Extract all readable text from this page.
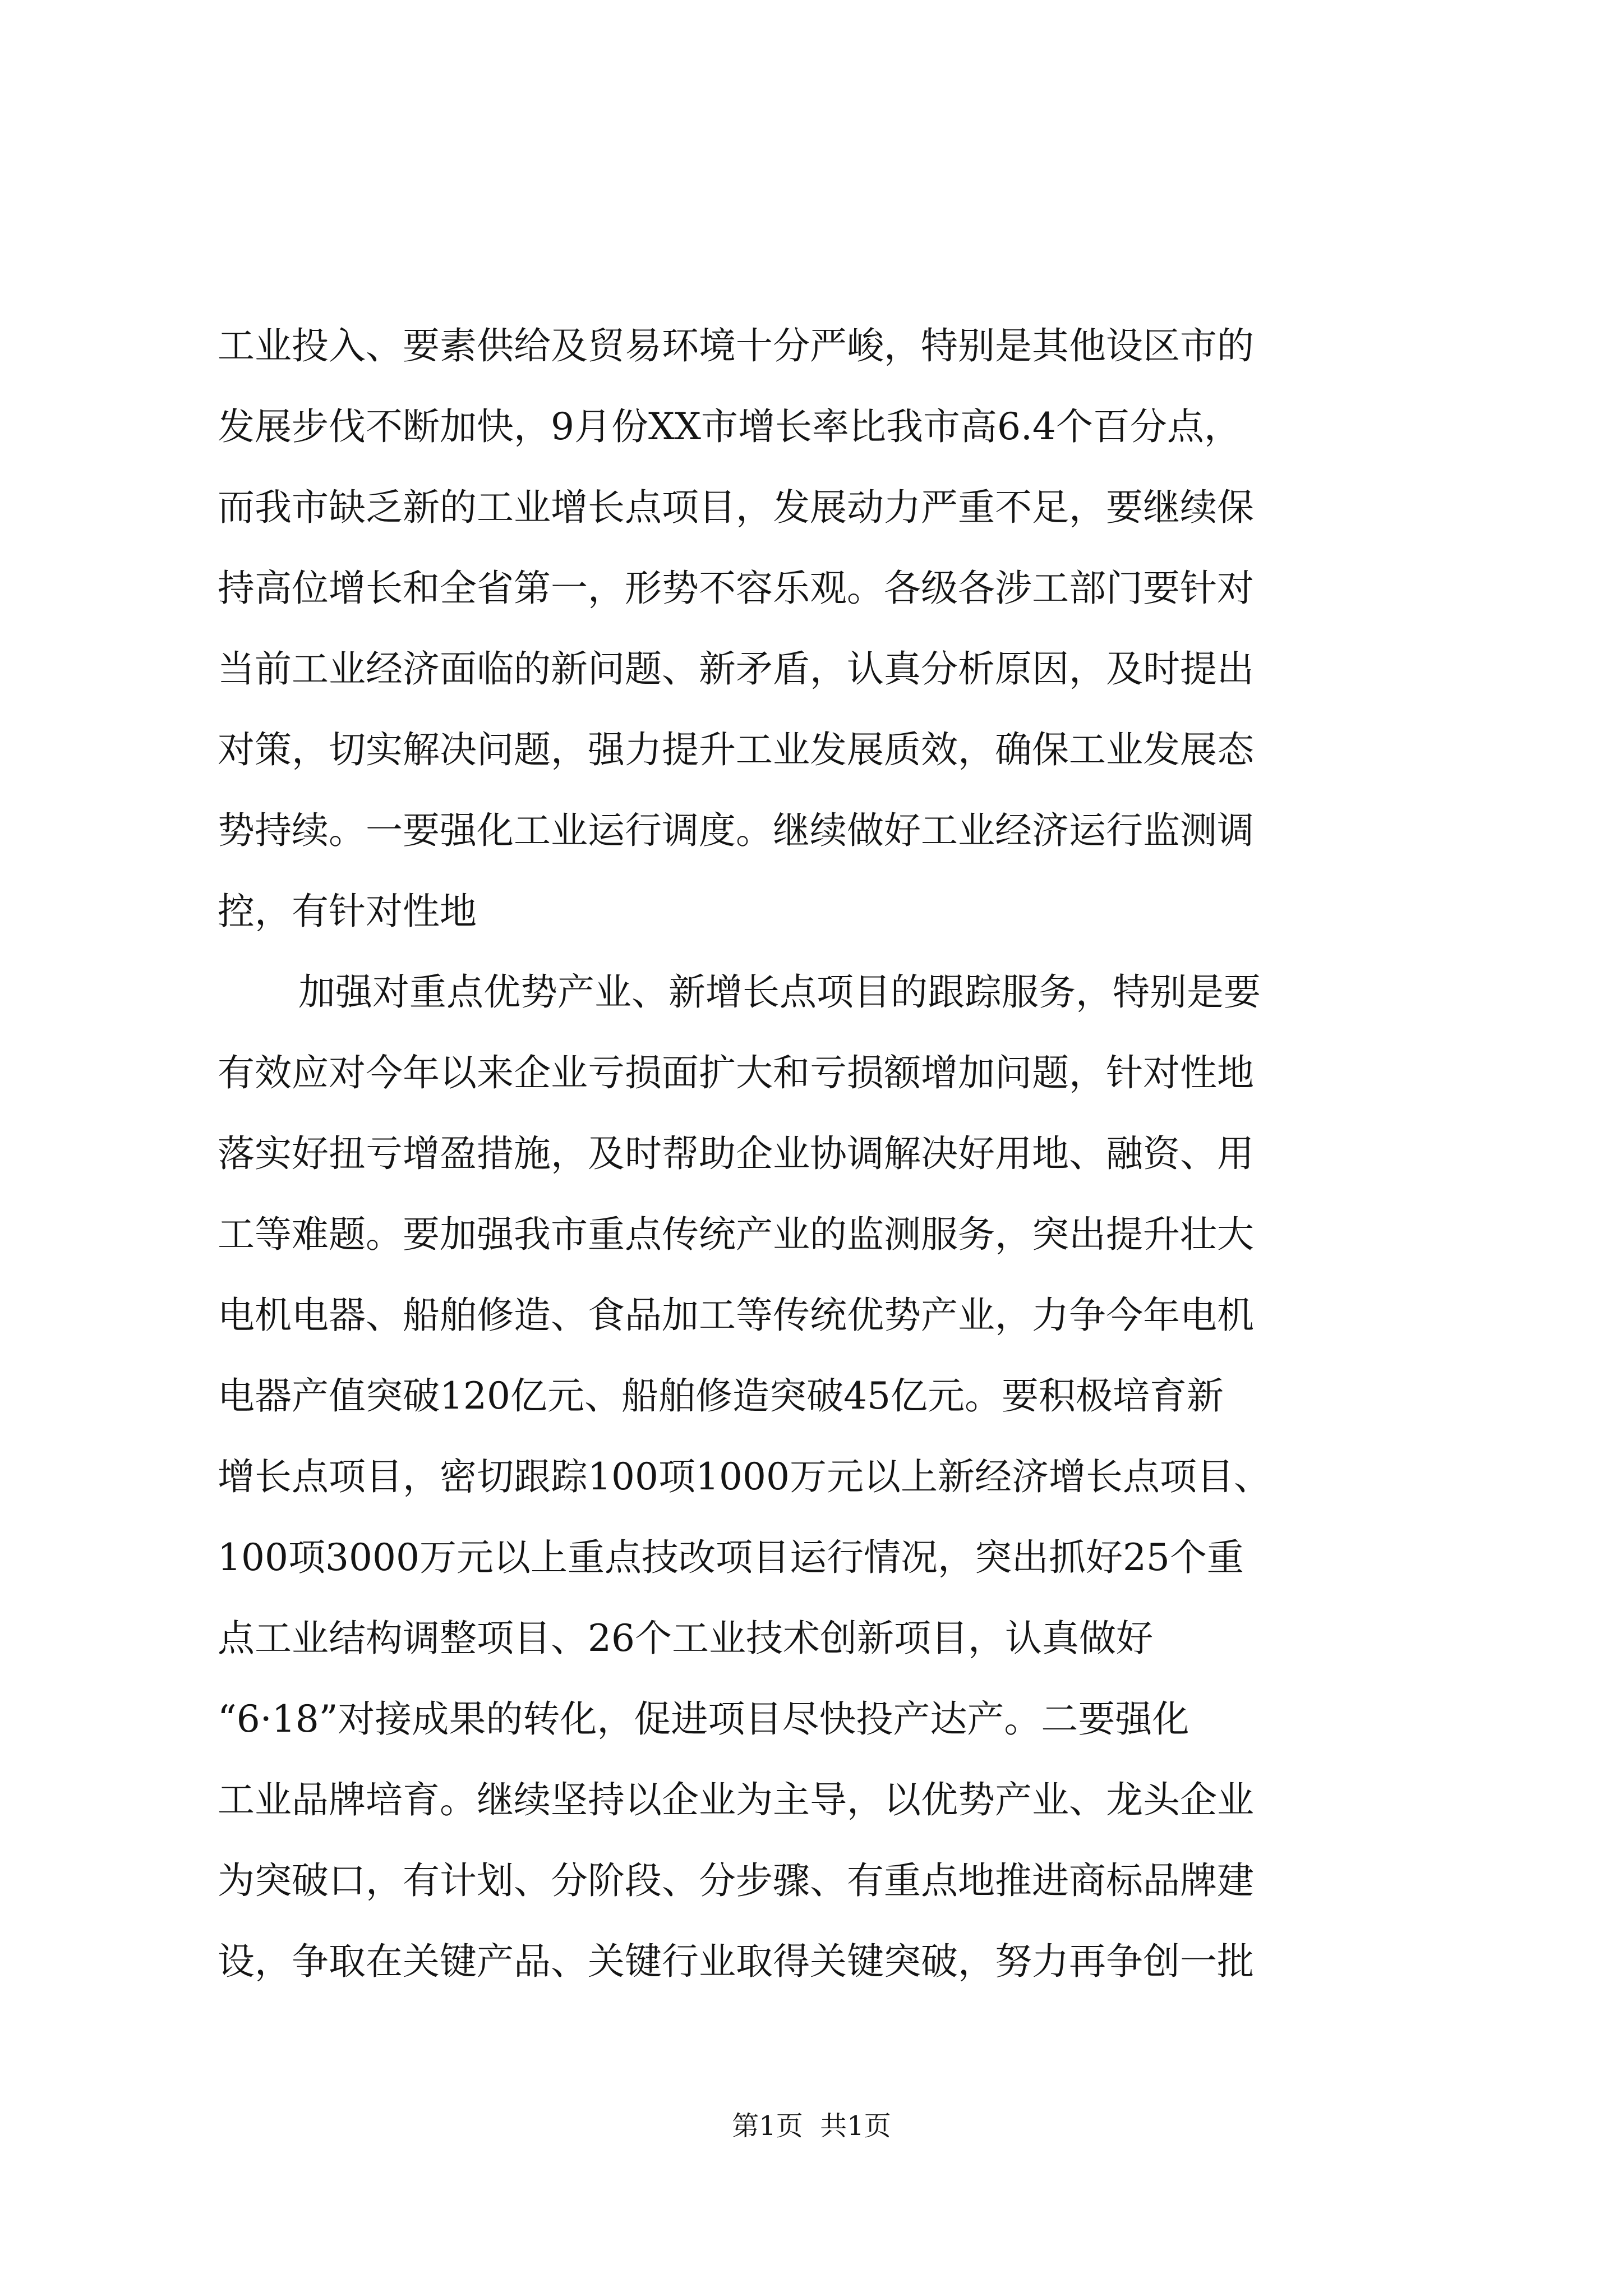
工业投入、要素供给及贸易环境十分严峻，特别是其他设区市的
发展步伐不断加快，9月份XX市增长率比我市高6.4个百分点，
而我市缺乏新的工业增长点项目，发展动力严重不足，要继续保
持高位增长和全省第一，形势不容乐观。各级各涉工部门要针对
当前工业经济面临的新问题、新矛盾，认真分析原因，及时提出
对策，切实解决问题，强力提升工业发展质效，确保工业发展态
势持续。一要强化工业运行调度。继续做好工业经济运行监测调
控，有针对性地
加强对重点优势产业、新增长点项目的跟踪服务，特别是要
有效应对今年以来企业亏损面扩大和亏损额增加问题，针对性地
落实好扭亏增盈措施，及时帮助企业协调解决好用地、融资、用
工等难题。要加强我市重点传统产业的监测服务，突出提升壮大
电机电器、船舶修造、食品加工等传统优势产业，力争今年电机
电器产值突破120亿元、船舶修造突破45亿元。要积极培育新
增长点项目，密切跟踪100项1000万元以上新经济增长点项目、
100项3000万元以上重点技改项目运行情况，突出抓好25个重
点工业结构调整项目、26个工业技术创新项目，认真做好
“6·18”对接成果的转化，促进项目尽快投产达产。二要强化
工业品牌培育。继续坚持以企业为主导，以优势产业、龙头企业
为突破口，有计划、分阶段、分步骤、有重点地推进商标品牌建
设，争取在关键产品、关键行业取得关键突破，努力再争创一批
第1页  共1页
